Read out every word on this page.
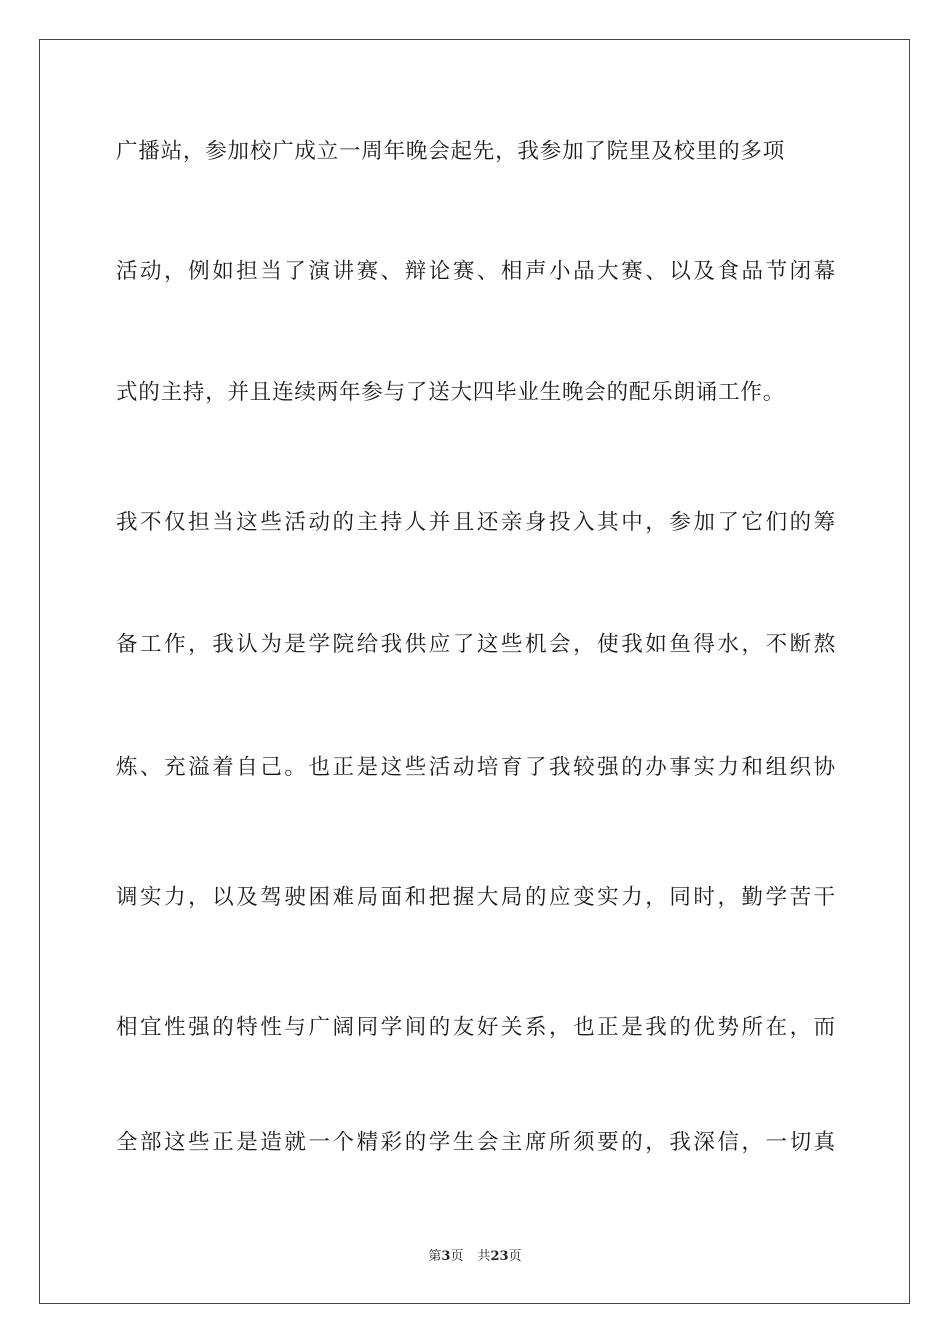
广播站，参加校广成立一周年晚会起先，我参加了院里及校里的多项
活动，例如担当了演讲赛、辩论赛、相声小品大赛、以及食品节闭幕
式的主持，并且连续两年参与了送大四毕业生晚会的配乐朗诵工作。
我不仅担当这些活动的主持人并且还亲身投入其中，参加了它们的筹
备工作，我认为是学院给我供应了这些机会，使我如鱼得水，不断熬
炼、充溢着自己。也正是这些活动培育了我较强的办事实力和组织协
调实力，以及驾驶困难局面和把握大局的应变实力，同时，勤学苦干
相宜性强的特性与广阔同学间的友好关系，也正是我的优势所在，而
全部这些正是造就一个精彩的学生会主席所须要的，我深信，一切真
第3页 共23页
